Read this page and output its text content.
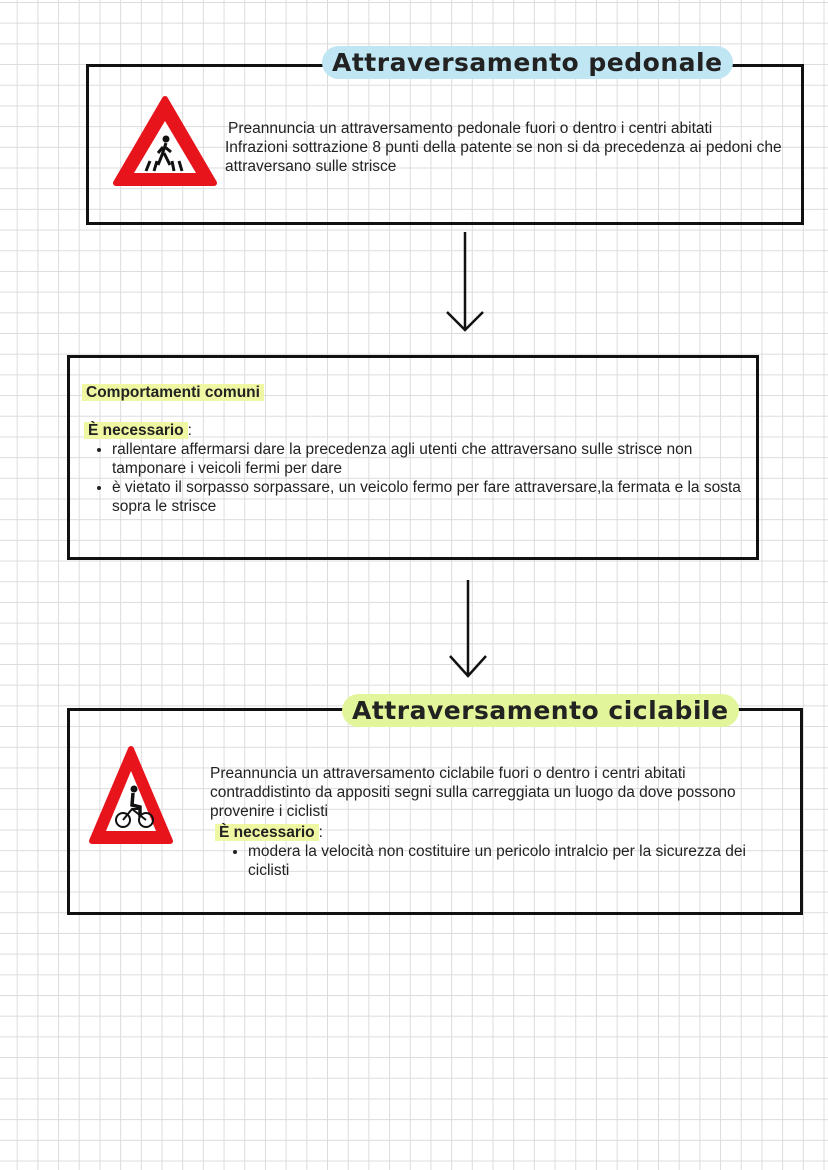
Attraversamento pedonale
Preannuncia un attraversamento pedonale fuori o dentro i centri abitati
Infrazioni sottrazione 8 punti della patente se non si da precedenza ai pedoni che attraversano sulle strisce
Comportamenti comuni
È necessario :
• rallentare affermarsi dare la precedenza agli utenti che attraversano sulle strisce non tamponare i veicoli fermi per dare
• è vietato il sorpasso sorpassare, un veicolo fermo per fare attraversare,la fermata e la sosta sopra le strisce
Attraversamento ciclabile
Preannuncia un attraversamento ciclabile fuori o dentro i centri abitati contraddistinto da appositi segni sulla carreggiata un luogo da dove possono provenire i ciclisti
È necessario :
• modera la velocità non costituire un pericolo intralcio per la sicurezza dei ciclisti
